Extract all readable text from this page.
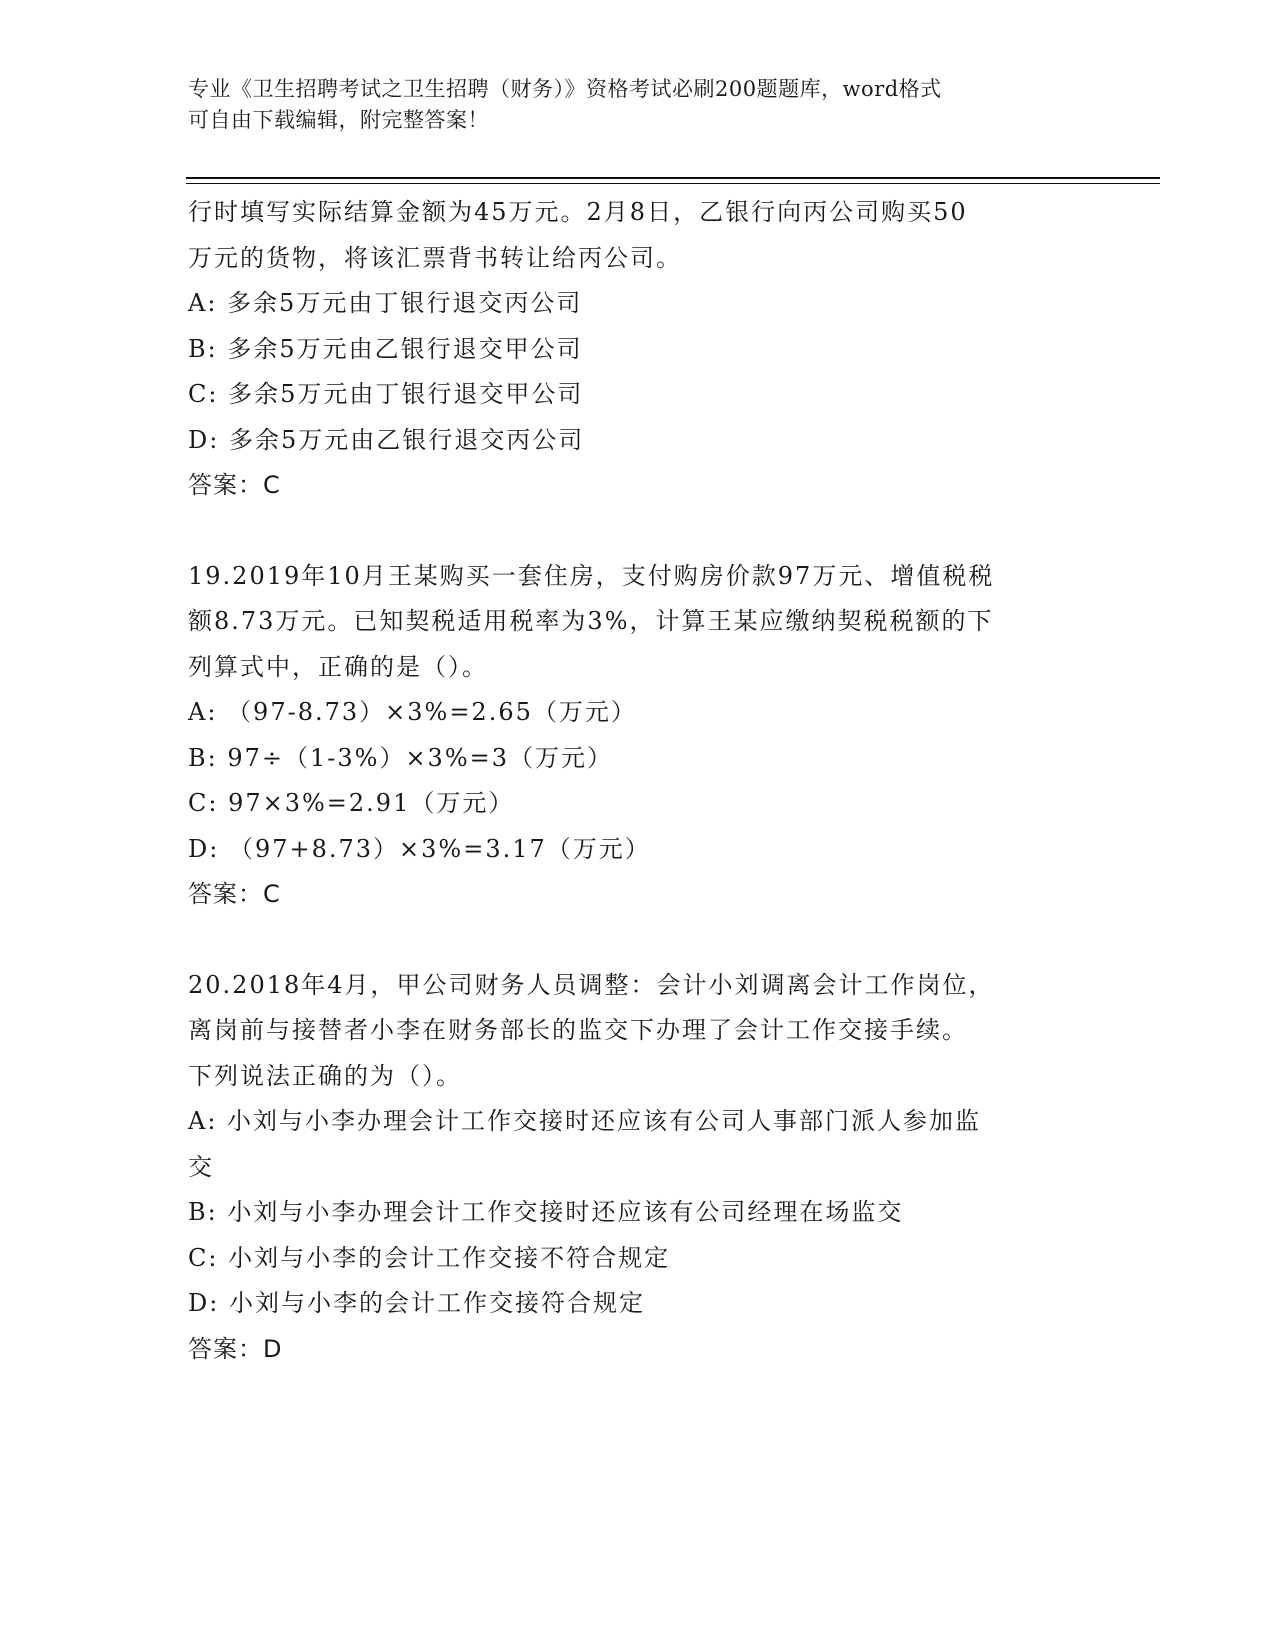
专业《卫生招聘考试之卫生招聘（财务）》资格考试必刷200题题库，word格式
可自由下载编辑，附完整答案！
行时填写实际结算金额为45万元。2月8日，乙银行向丙公司购买50
万元的货物，将该汇票背书转让给丙公司。
A: 多余5万元由丁银行退交丙公司
B: 多余5万元由乙银行退交甲公司
C: 多余5万元由丁银行退交甲公司
D: 多余5万元由乙银行退交丙公司
答案：C
19.2019年10月王某购买一套住房，支付购房价款97万元、增值税税
额8.73万元。已知契税适用税率为3%，计算王某应缴纳契税税额的下
列算式中，正确的是（）。
A: （97-8.73）×3%=2.65（万元）
B: 97÷（1-3%）×3%=3（万元）
C: 97×3%=2.91（万元）
D: （97+8.73）×3%=3.17（万元）
答案：C
20.2018年4月，甲公司财务人员调整：会计小刘调离会计工作岗位，
离岗前与接替者小李在财务部长的监交下办理了会计工作交接手续。
下列说法正确的为（）。
A: 小刘与小李办理会计工作交接时还应该有公司人事部门派人参加监
交
B: 小刘与小李办理会计工作交接时还应该有公司经理在场监交
C: 小刘与小李的会计工作交接不符合规定
D: 小刘与小李的会计工作交接符合规定
答案：D
